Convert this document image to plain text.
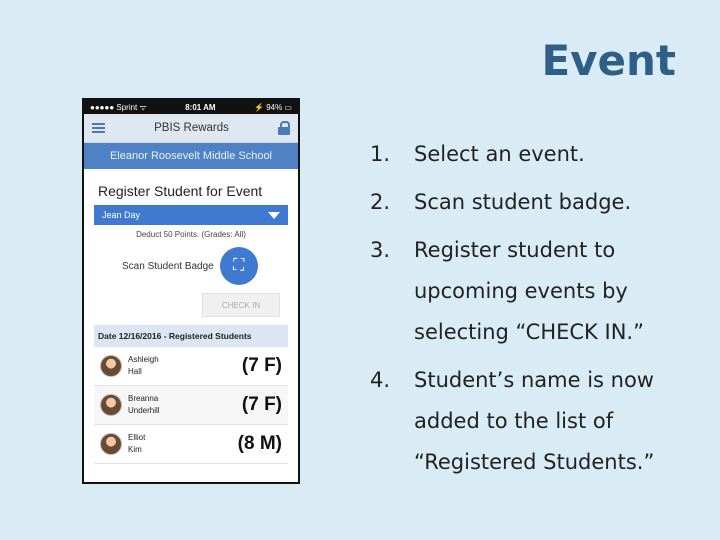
Event
●●●●● Sprint ᯤ	8:01 AM	⚡ 94% ▭
PBIS Rewards
Eleanor Roosevelt Middle School
Register Student for Event
Jean Day
Deduct 50 Points. (Grades: All)
Scan Student Badge ⛶
CHECK IN
Date 12/16/2016 - Registered Students
Ashleigh
Hall	(7 F)
Breanna
Underhill	(7 F)
Elliot
Kim	(8 M)
1.	Select an event.
2.	Scan student badge.
3.	Register student to upcoming events by selecting “CHECK IN.”
4.	Student’s name is now added to the list of “Registered Students.”
